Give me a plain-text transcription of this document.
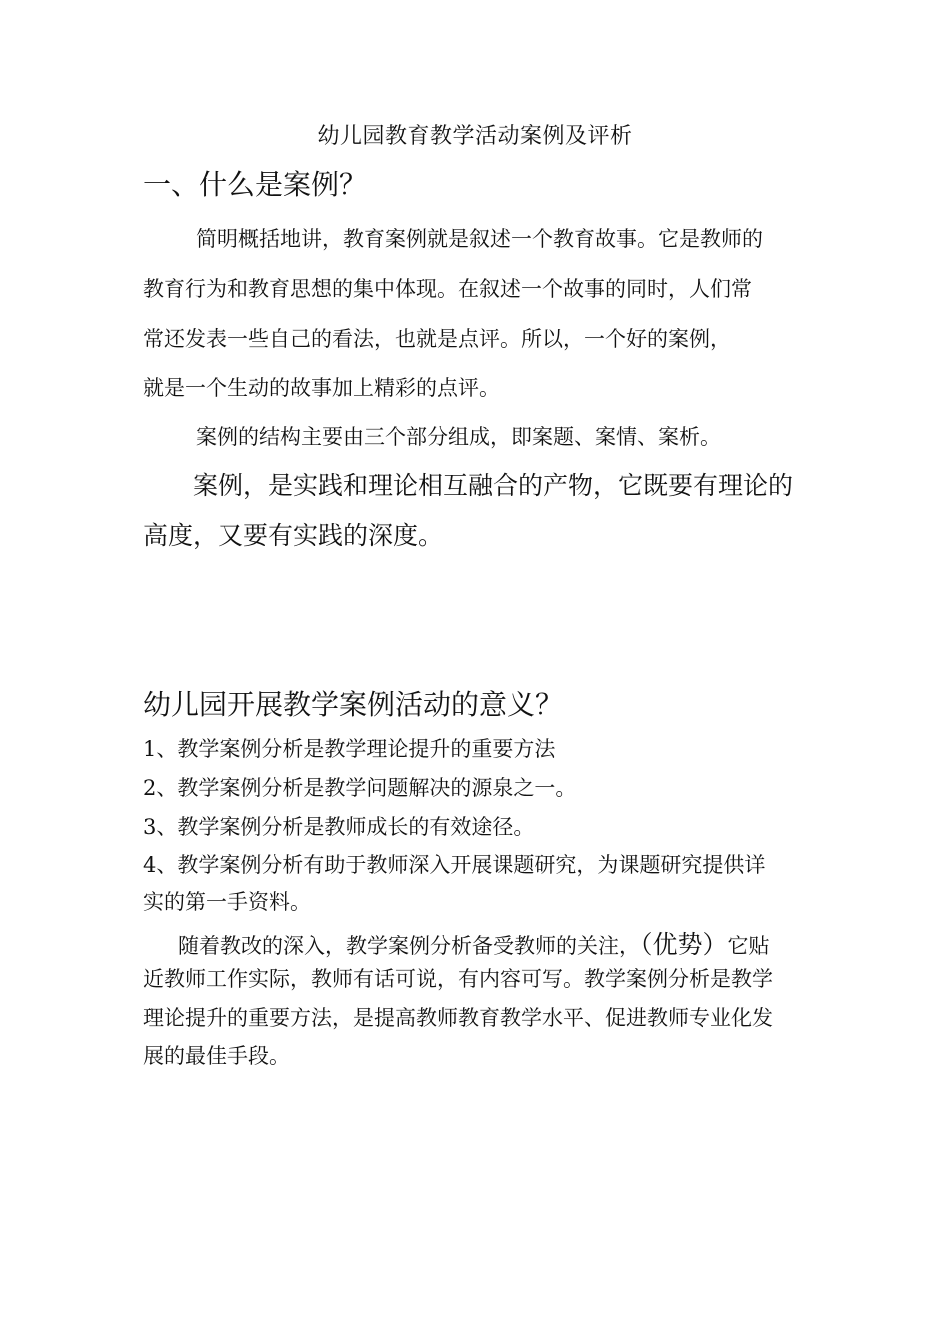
幼儿园教育教学活动案例及评析

一、什么是案例？

简明概括地讲，教育案例就是叙述一个教育故事。它是教师的

教育行为和教育思想的集中体现。在叙述一个故事的同时，人们常

常还发表一些自己的看法，也就是点评。所以，一个好的案例，

就是一个生动的故事加上精彩的点评。

案例的结构主要由三个部分组成，即案题、案情、案析。

案例，是实践和理论相互融合的产物，它既要有理论的

高度，又要有实践的深度。

幼儿园开展教学案例活动的意义？

1、教学案例分析是教学理论提升的重要方法

2、教学案例分析是教学问题解决的源泉之一。

3、教学案例分析是教师成长的有效途径。

4、教学案例分析有助于教师深入开展课题研究，为课题研究提供详

实的第一手资料。

随着教改的深入，教学案例分析备受教师的关注，（优势）它贴

近教师工作实际，教师有话可说，有内容可写。教学案例分析是教学

理论提升的重要方法，是提高教师教育教学水平、促进教师专业化发

展的最佳手段。
